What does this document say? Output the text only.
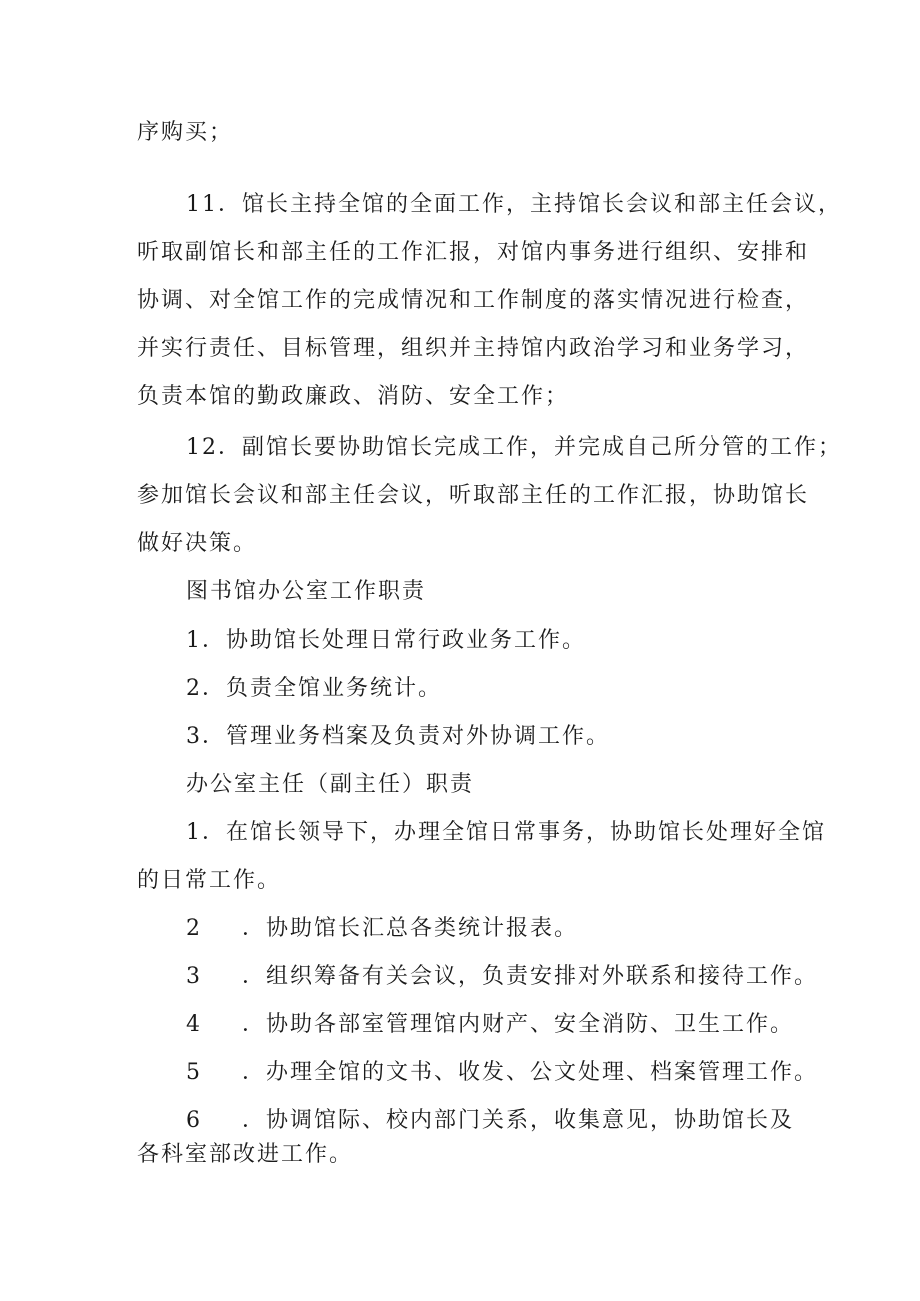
序购买；
11．馆长主持全馆的全面工作，主持馆长会议和部主任会议，
听取副馆长和部主任的工作汇报，对馆内事务进行组织、安排和
协调、对全馆工作的完成情况和工作制度的落实情况进行检查，
并实行责任、目标管理，组织并主持馆内政治学习和业务学习，
负责本馆的勤政廉政、消防、安全工作；
12．副馆长要协助馆长完成工作，并完成自己所分管的工作；
参加馆长会议和部主任会议，听取部主任的工作汇报，协助馆长
做好决策。
图书馆办公室工作职责
1．协助馆长处理日常行政业务工作。
2．负责全馆业务统计。
3．管理业务档案及负责对外协调工作。
办公室主任（副主任）职责
1．在馆长领导下，办理全馆日常事务，协助馆长处理好全馆
的日常工作。
2 ．协助馆长汇总各类统计报表。
3 ．组织筹备有关会议，负责安排对外联系和接待工作。
4 ．协助各部室管理馆内财产、安全消防、卫生工作。
5 ．办理全馆的文书、收发、公文处理、档案管理工作。
6 ．协调馆际、校内部门关系，收集意见，协助馆长及
各科室部改进工作。
